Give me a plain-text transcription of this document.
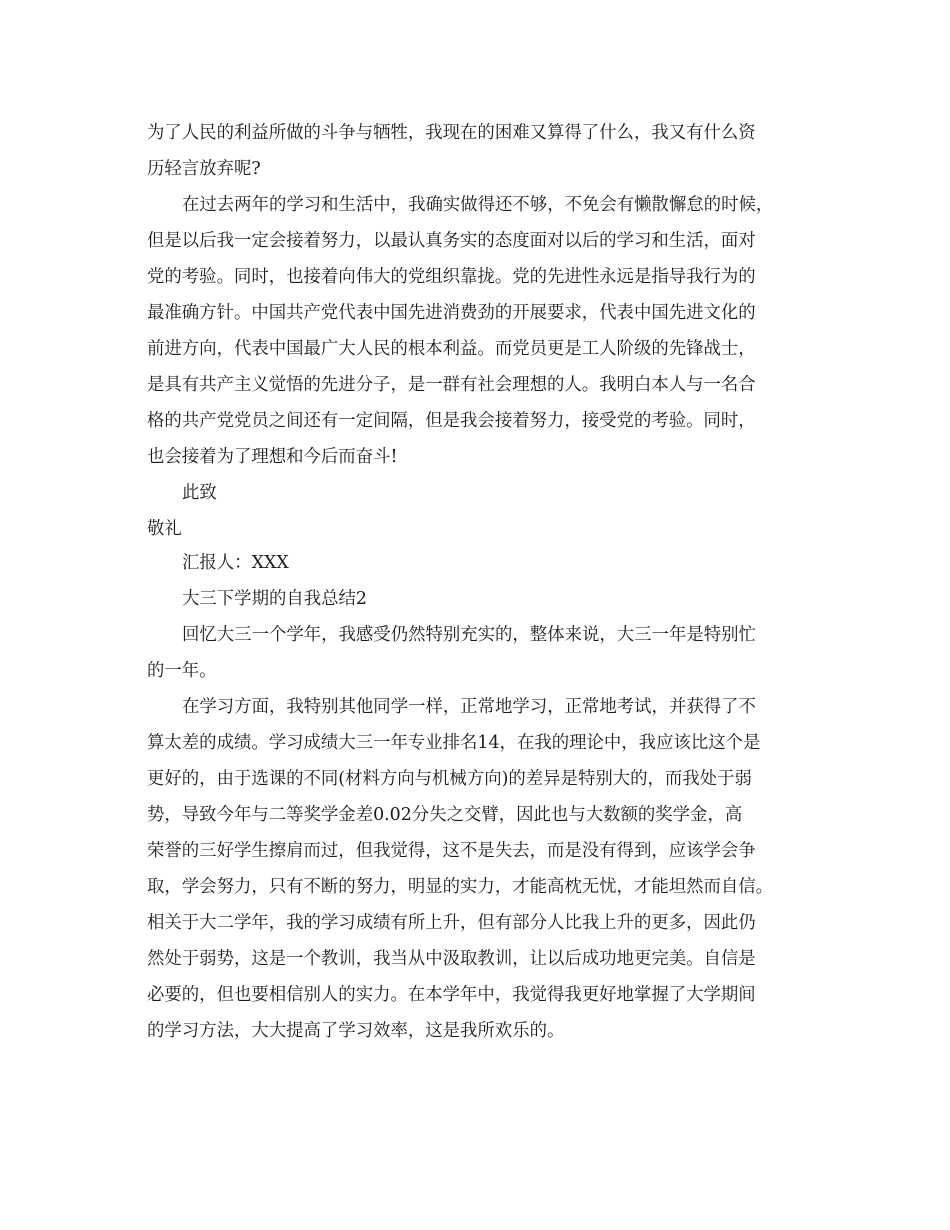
为了人民的利益所做的斗争与牺牲，我现在的困难又算得了什么，我又有什么资
历轻言放弃呢?
在过去两年的学习和生活中，我确实做得还不够，不免会有懒散懈怠的时候，
但是以后我一定会接着努力，以最认真务实的态度面对以后的学习和生活，面对
党的考验。同时，也接着向伟大的党组织靠拢。党的先进性永远是指导我行为的
最准确方针。中国共产党代表中国先进消费劲的开展要求，代表中国先进文化的
前进方向，代表中国最广大人民的根本利益。而党员更是工人阶级的先锋战士，
是具有共产主义觉悟的先进分子，是一群有社会理想的人。我明白本人与一名合
格的共产党党员之间还有一定间隔，但是我会接着努力，接受党的考验。同时，
也会接着为了理想和今后而奋斗!
此致
敬礼
汇报人：XXX
大三下学期的自我总结2
回忆大三一个学年，我感受仍然特别充实的，整体来说，大三一年是特别忙
的一年。
在学习方面，我特别其他同学一样，正常地学习，正常地考试，并获得了不
算太差的成绩。学习成绩大三一年专业排名14，在我的理论中，我应该比这个是
更好的，由于选课的不同(材料方向与机械方向)的差异是特别大的，而我处于弱
势，导致今年与二等奖学金差0.02分失之交臂，因此也与大数额的奖学金，高
荣誉的三好学生擦肩而过，但我觉得，这不是失去，而是没有得到，应该学会争
取，学会努力，只有不断的努力，明显的实力，才能高枕无忧，才能坦然而自信。
相关于大二学年，我的学习成绩有所上升，但有部分人比我上升的更多，因此仍
然处于弱势，这是一个教训，我当从中汲取教训，让以后成功地更完美。自信是
必要的，但也要相信别人的实力。在本学年中，我觉得我更好地掌握了大学期间
的学习方法，大大提高了学习效率，这是我所欢乐的。
